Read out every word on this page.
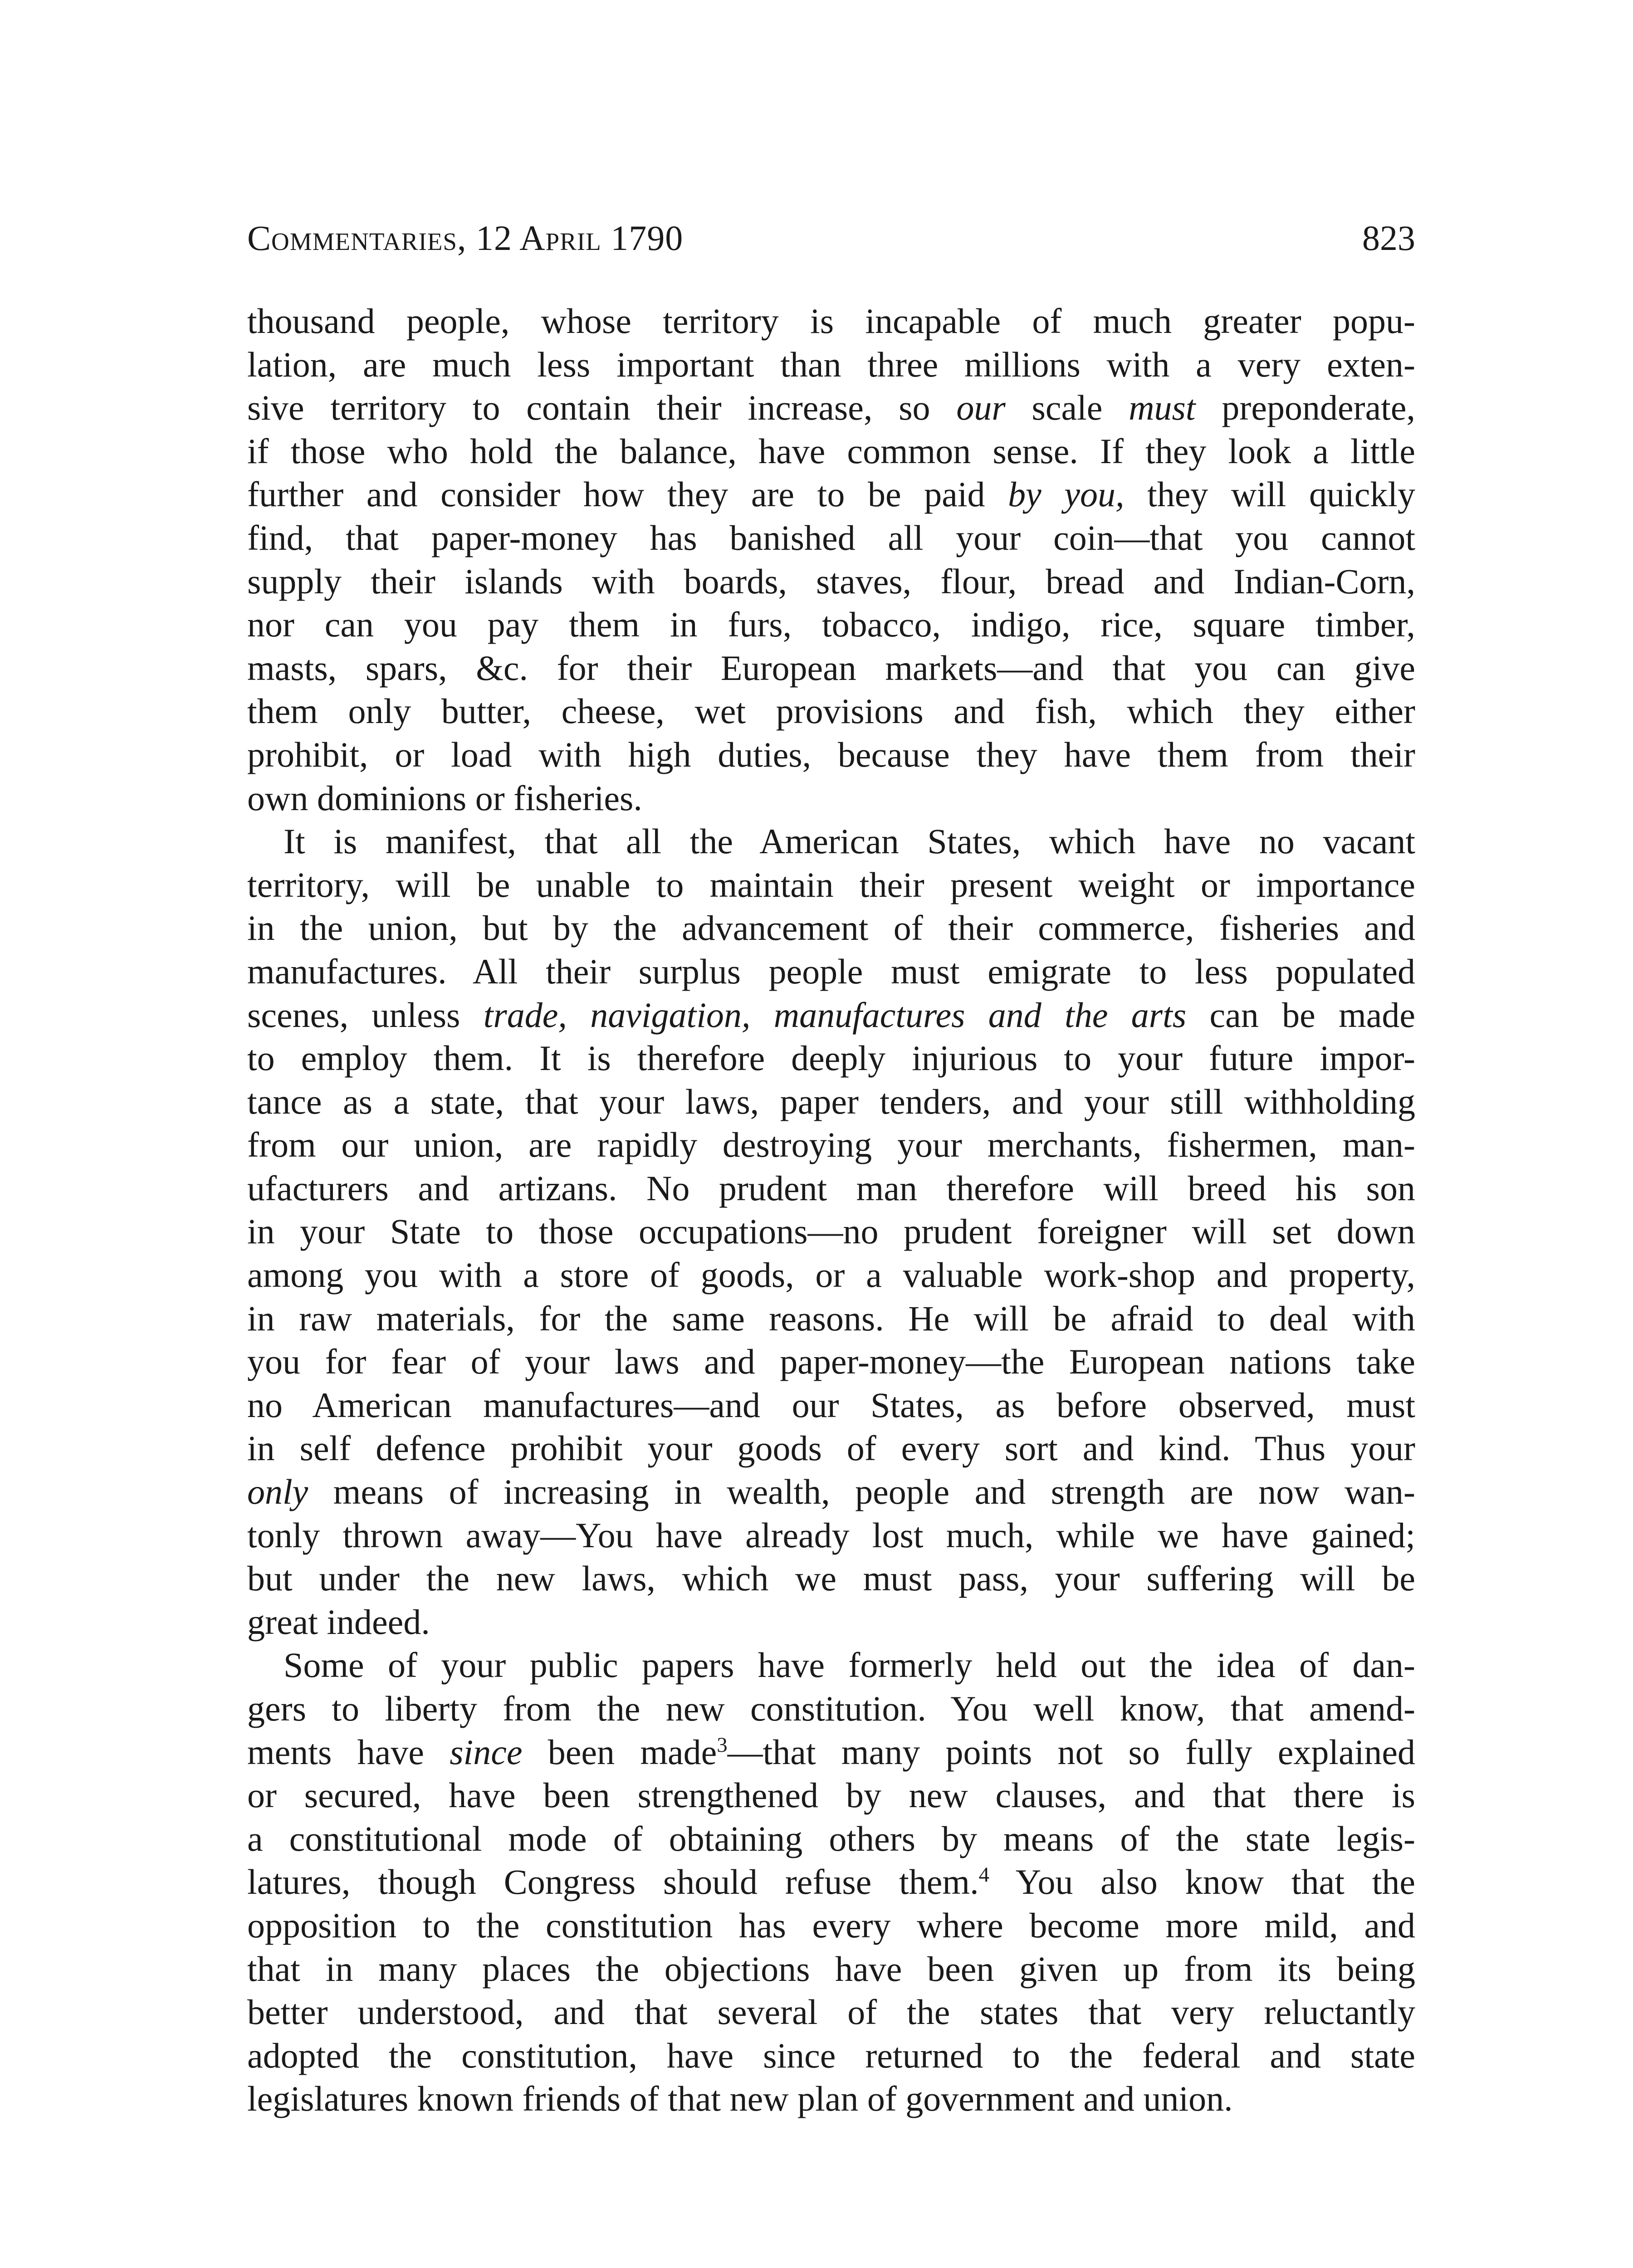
Commentaries, 12 April 1790	823
thousand people, whose territory is incapable of much greater popu-
lation, are much less important than three millions with a very exten-
sive territory to contain their increase, so our scale must preponderate,
if those who hold the balance, have common sense. If they look a little
further and consider how they are to be paid by you, they will quickly
find, that paper-money has banished all your coin—that you cannot
supply their islands with boards, staves, flour, bread and Indian-Corn,
nor can you pay them in furs, tobacco, indigo, rice, square timber,
masts, spars, &c. for their European markets—and that you can give
them only butter, cheese, wet provisions and fish, which they either
prohibit, or load with high duties, because they have them from their
own dominions or fisheries.
It is manifest, that all the American States, which have no vacant
territory, will be unable to maintain their present weight or importance
in the union, but by the advancement of their commerce, fisheries and
manufactures. All their surplus people must emigrate to less populated
scenes, unless trade, navigation, manufactures and the arts can be made
to employ them. It is therefore deeply injurious to your future impor-
tance as a state, that your laws, paper tenders, and your still withholding
from our union, are rapidly destroying your merchants, fishermen, man-
ufacturers and artizans. No prudent man therefore will breed his son
in your State to those occupations—no prudent foreigner will set down
among you with a store of goods, or a valuable work-shop and property,
in raw materials, for the same reasons. He will be afraid to deal with
you for fear of your laws and paper-money—the European nations take
no American manufactures—and our States, as before observed, must
in self defence prohibit your goods of every sort and kind. Thus your
only means of increasing in wealth, people and strength are now wan-
tonly thrown away—You have already lost much, while we have gained;
but under the new laws, which we must pass, your suffering will be
great indeed.
Some of your public papers have formerly held out the idea of dan-
gers to liberty from the new constitution. You well know, that amend-
ments have since been made$^3$—that many points not so fully explained
or secured, have been strengthened by new clauses, and that there is
a constitutional mode of obtaining others by means of the state legis-
latures, though Congress should refuse them.$^4$ You also know that the
opposition to the constitution has every where become more mild, and
that in many places the objections have been given up from its being
better understood, and that several of the states that very reluctantly
adopted the constitution, have since returned to the federal and state
legislatures known friends of that new plan of government and union.
